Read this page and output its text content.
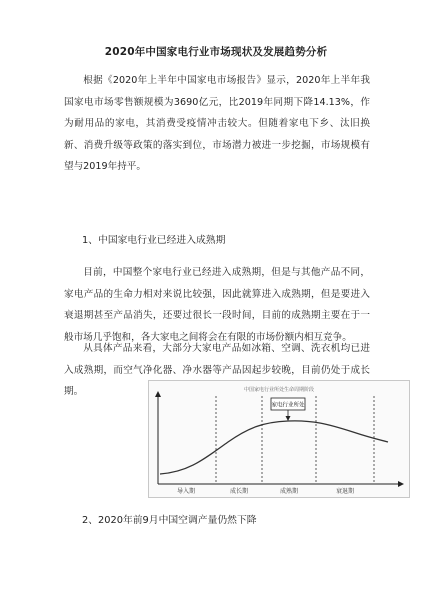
2020年中国家电行业市场现状及发展趋势分析

根据《2020年上半年中国家电市场报告》显示，2020年上半年我国家电市场零售额规模为3690亿元，比2019年同期下降14.13%，作为耐用品的家电，其消费受疫情冲击较大。但随着家电下乡、汰旧换新、消费升级等政策的落实到位，市场潜力被进一步挖掘，市场规模有望与2019年持平。

1、中国家电行业已经进入成熟期

目前，中国整个家电行业已经进入成熟期，但是与其他产品不同，家电产品的生命力相对来说比较强，因此就算进入成熟期，但是要进入衰退期甚至产品消失，还要过很长一段时间，目前的成熟期主要在于一般市场几乎饱和，各大家电之间将会在有限的市场份额内相互竞争。

从具体产品来看，大部分大家电产品如冰箱、空调、洗衣机均已进入成熟期，而空气净化器、净水器等产品因起步较晚，目前仍处于成长期。	中国家电行业所处生命周期阶段
家电行业所处
导入期	成长期	成熟期	衰退期
2、2020年前9月中国空调产量仍然下降
